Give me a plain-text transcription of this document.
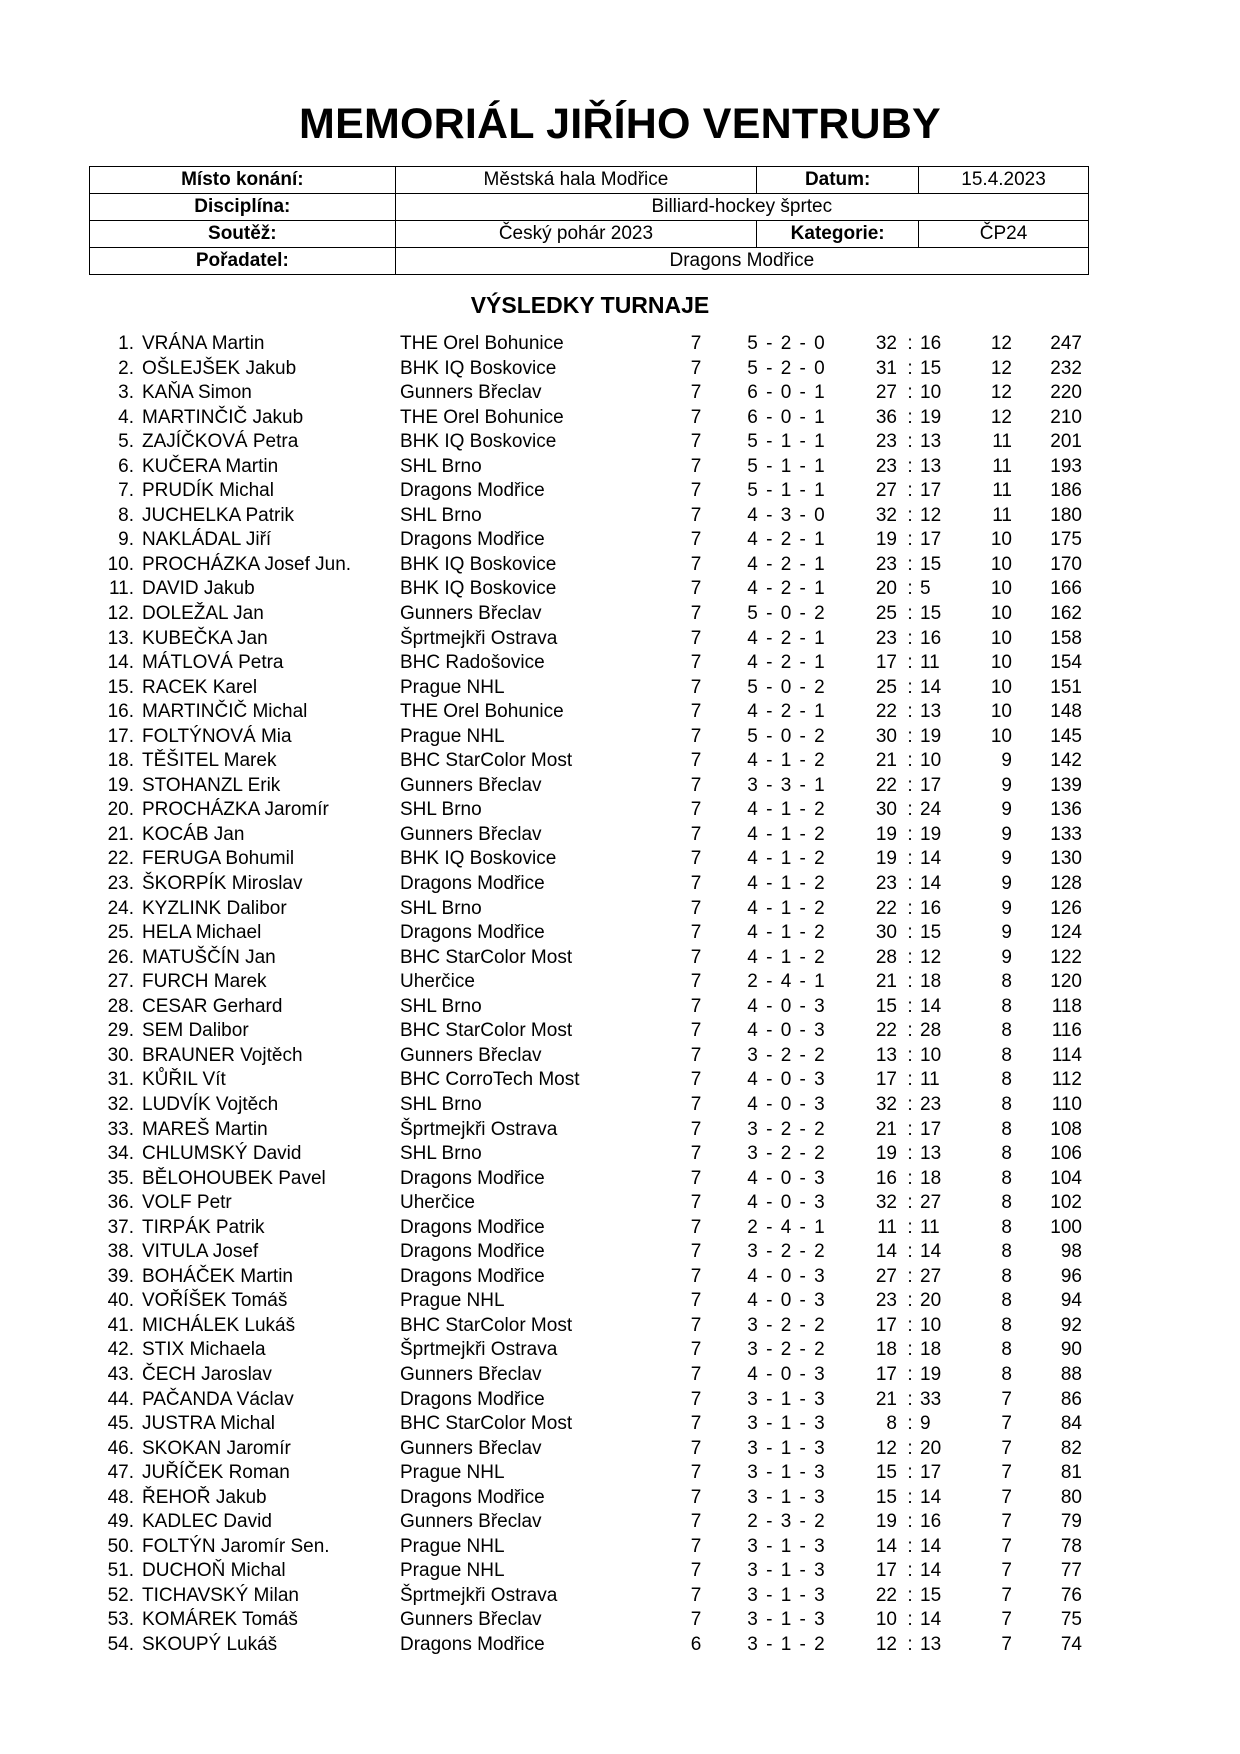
MEMORIÁL JIŘÍHO VENTRUBY
Místo konání:	Městská hala Modřice	Datum:	15.4.2023
Disciplína:	Billiard-hockey šprtec		
Soutěž:	Český pohár 2023	Kategorie:	ČP24
Pořadatel:	Dragons Modřice		
VÝSLEDKY TURNAJE
1. VRÁNA Martin	THE Orel Bohunice	7	5 - 2 - 0	32 : 16	12 247
2. OŠLEJŠEK Jakub	BHK IQ Boskovice	7	5 - 2 - 0	31 : 15	12 232
3. KAŇA Simon	Gunners Břeclav	7	6 - 0 - 1	27 : 10	12 220
4. MARTINČIČ Jakub	THE Orel Bohunice	7	6 - 0 - 1	36 : 19	12 210
5. ZAJÍČKOVÁ Petra	BHK IQ Boskovice	7	5 - 1 - 1	23 : 13	11 201
6. KUČERA Martin	SHL Brno	7	5 - 1 - 1	23 : 13	11 193
7. PRUDÍK Michal	Dragons Modřice	7	5 - 1 - 1	27 : 17	11 186
8. JUCHELKA Patrik	SHL Brno	7	4 - 3 - 0	32 : 12	11 180
9. NAKLÁDAL Jiří	Dragons Modřice	7	4 - 2 - 1	19 : 17	10 175
10. PROCHÁZKA Josef Jun.	BHK IQ Boskovice	7	4 - 2 - 1	23 : 15	10 170
11. DAVID Jakub	BHK IQ Boskovice	7	4 - 2 - 1	20 : 5	10 166
12. DOLEŽAL Jan	Gunners Břeclav	7	5 - 0 - 2	25 : 15	10 162
13. KUBEČKA Jan	Šprtmejkři Ostrava	7	4 - 2 - 1	23 : 16	10 158
14. MÁTLOVÁ Petra	BHC Radošovice	7	4 - 2 - 1	17 : 11	10 154
15. RACEK Karel	Prague NHL	7	5 - 0 - 2	25 : 14	10 151
16. MARTINČIČ Michal	THE Orel Bohunice	7	4 - 2 - 1	22 : 13	10 148
17. FOLTÝNOVÁ Mia	Prague NHL	7	5 - 0 - 2	30 : 19	10 145
18. TĚŠITEL Marek	BHC StarColor Most	7	4 - 1 - 2	21 : 10	9 142
19. STOHANZL Erik	Gunners Břeclav	7	3 - 3 - 1	22 : 17	9 139
20. PROCHÁZKA Jaromír	SHL Brno	7	4 - 1 - 2	30 : 24	9 136
21. KOCÁB Jan	Gunners Břeclav	7	4 - 1 - 2	19 : 19	9 133
22. FERUGA Bohumil	BHK IQ Boskovice	7	4 - 1 - 2	19 : 14	9 130
23. ŠKORPÍK Miroslav	Dragons Modřice	7	4 - 1 - 2	23 : 14	9 128
24. KYZLINK Dalibor	SHL Brno	7	4 - 1 - 2	22 : 16	9 126
25. HELA Michael	Dragons Modřice	7	4 - 1 - 2	30 : 15	9 124
26. MATUŠČÍN Jan	BHC StarColor Most	7	4 - 1 - 2	28 : 12	9 122
27. FURCH Marek	Uherčice	7	2 - 4 - 1	21 : 18	8 120
28. CESAR Gerhard	SHL Brno	7	4 - 0 - 3	15 : 14	8 118
29. SEM Dalibor	BHC StarColor Most	7	4 - 0 - 3	22 : 28	8 116
30. BRAUNER Vojtěch	Gunners Břeclav	7	3 - 2 - 2	13 : 10	8 114
31. KŮŘIL Vít	BHC CorroTech Most	7	4 - 0 - 3	17 : 11	8 112
32. LUDVÍK Vojtěch	SHL Brno	7	4 - 0 - 3	32 : 23	8 110
33. MAREŠ Martin	Šprtmejkři Ostrava	7	3 - 2 - 2	21 : 17	8 108
34. CHLUMSKÝ David	SHL Brno	7	3 - 2 - 2	19 : 13	8 106
35. BĚLOHOUBEK Pavel	Dragons Modřice	7	4 - 0 - 3	16 : 18	8 104
36. VOLF Petr	Uherčice	7	4 - 0 - 3	32 : 27	8 102
37. TIRPÁK Patrik	Dragons Modřice	7	2 - 4 - 1	11 : 11	8 100
38. VITULA Josef	Dragons Modřice	7	3 - 2 - 2	14 : 14	8	98
39. BOHÁČEK Martin	Dragons Modřice	7	4 - 0 - 3	27 : 27	8	96
40. VOŘÍŠEK Tomáš	Prague NHL	7	4 - 0 - 3	23 : 20	8	94
41. MICHÁLEK Lukáš	BHC StarColor Most	7	3 - 2 - 2	17 : 10	8	92
42. STIX Michaela	Šprtmejkři Ostrava	7	3 - 2 - 2	18 : 18	8	90
43. ČECH Jaroslav	Gunners Břeclav	7	4 - 0 - 3	17 : 19	8	88
44. PAČANDA Václav	Dragons Modřice	7	3 - 1 - 3	21 : 33	7	86
45. JUSTRA Michal	BHC StarColor Most	7	3 - 1 - 3	8 : 9	7	84
46. SKOKAN Jaromír	Gunners Břeclav	7	3 - 1 - 3	12 : 20	7	82
47. JUŘÍČEK Roman	Prague NHL	7	3 - 1 - 3	15 : 17	7	81
48. ŘEHOŘ Jakub	Dragons Modřice	7	3 - 1 - 3	15 : 14	7	80
49. KADLEC David	Gunners Břeclav	7	2 - 3 - 2	19 : 16	7	79
50. FOLTÝN Jaromír Sen.	Prague NHL	7	3 - 1 - 3	14 : 14	7	78
51. DUCHOŇ Michal	Prague NHL	7	3 - 1 - 3	17 : 14	7	77
52. TICHAVSKÝ Milan	Šprtmejkři Ostrava	7	3 - 1 - 3	22 : 15	7	76
53. KOMÁREK Tomáš	Gunners Břeclav	7	3 - 1 - 3	10 : 14	7	75
54. SKOUPÝ Lukáš	Dragons Modřice	6	3 - 1 - 2	12 : 13	7	74
